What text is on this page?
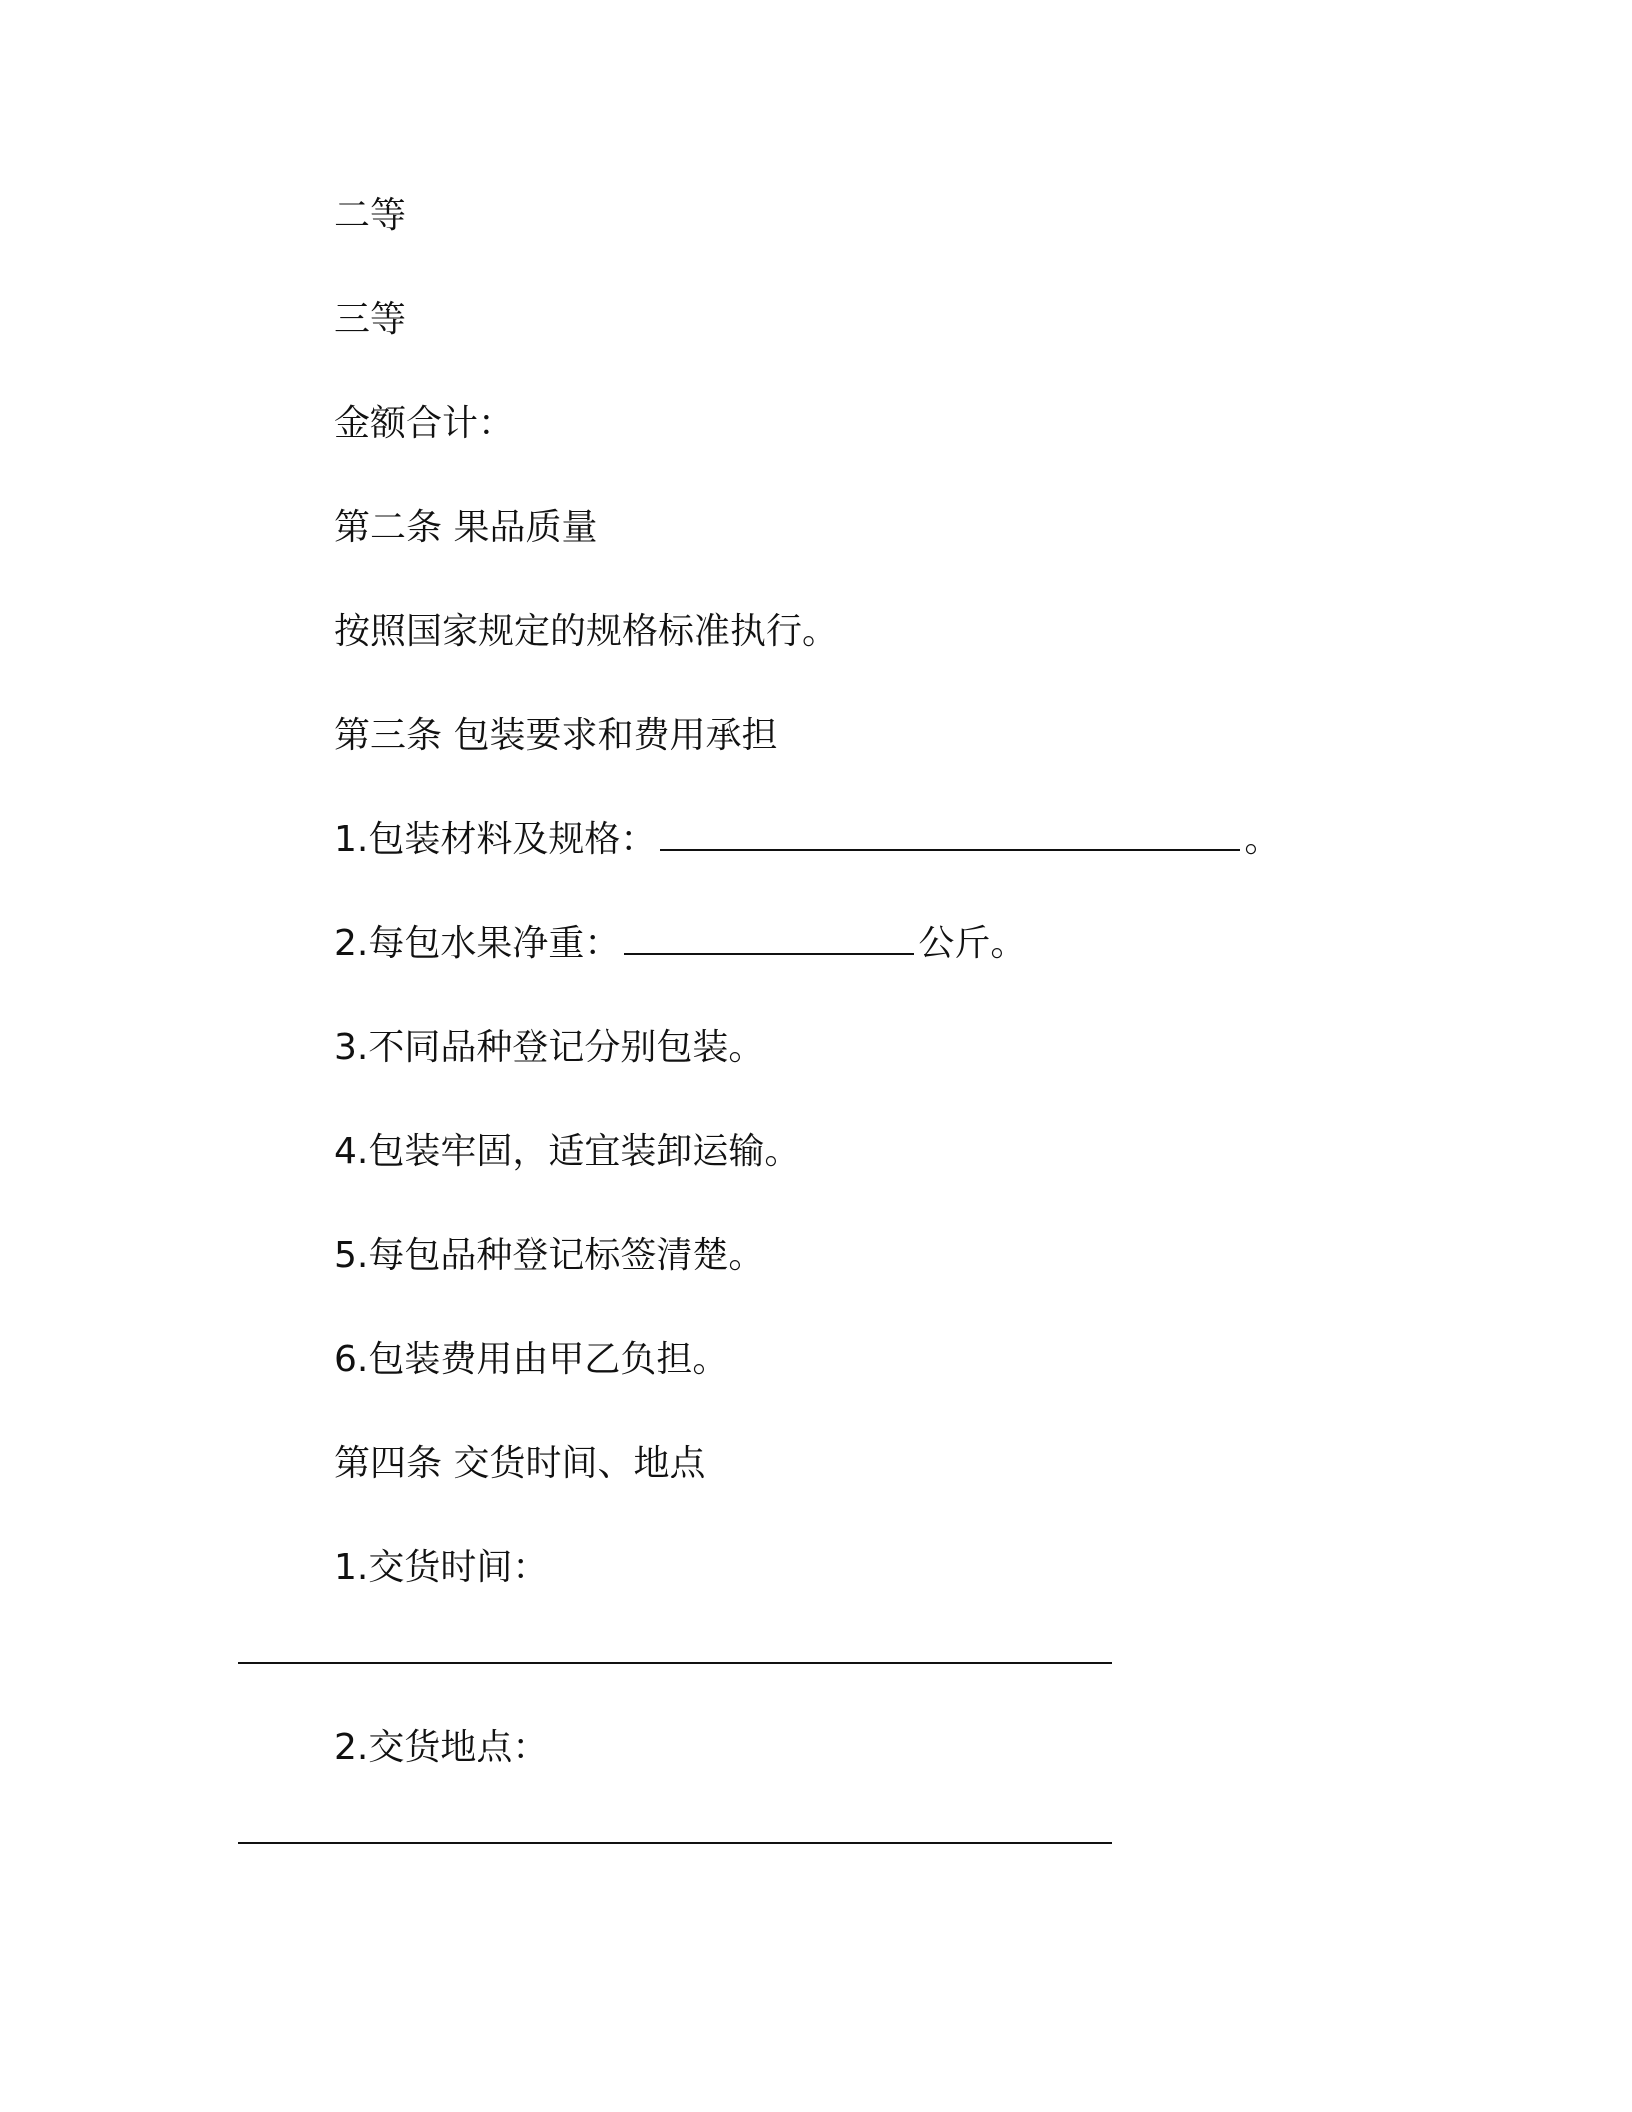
二等
三等
金额合计：
第二条 果品质量
按照国家规定的规格标准执行。
第三条 包装要求和费用承担
1.包装材料及规格：	。
2.每包水果净重：	公斤。
3.不同品种登记分别包装。
4.包装牢固，适宜装卸运输。
5.每包品种登记标签清楚。
6.包装费用由甲乙负担。
第四条 交货时间、地点
1.交货时间：
2.交货地点：
